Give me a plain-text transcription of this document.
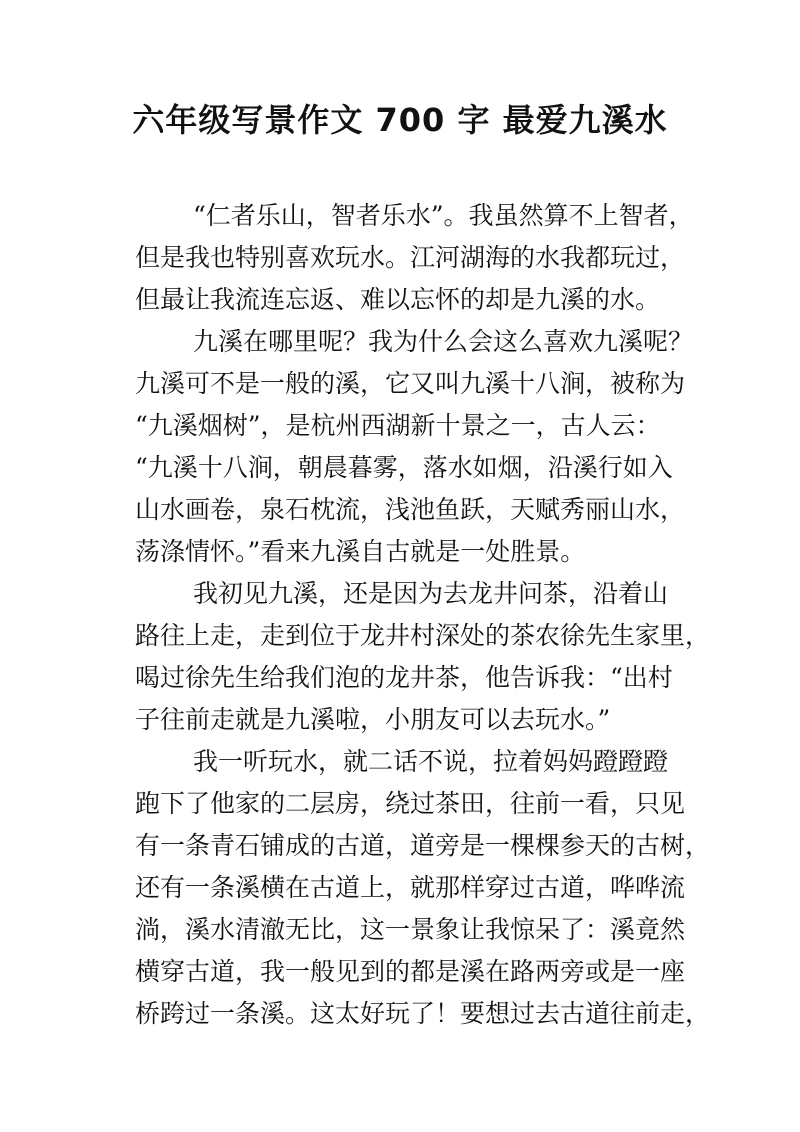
六年级写景作文 700 字 最爱九溪水
“仁者乐山，智者乐水”。我虽然算不上智者，
但是我也特别喜欢玩水。江河湖海的水我都玩过，
但最让我流连忘返、难以忘怀的却是九溪的水。
九溪在哪里呢？我为什么会这么喜欢九溪呢？
九溪可不是一般的溪，它又叫九溪十八涧，被称为
“九溪烟树”，是杭州西湖新十景之一，古人云：
“九溪十八涧，朝晨暮雾，落水如烟，沿溪行如入
山水画卷，泉石枕流，浅池鱼跃，天赋秀丽山水，
荡涤情怀。”看来九溪自古就是一处胜景。
我初见九溪，还是因为去龙井问茶，沿着山
路往上走，走到位于龙井村深处的茶农徐先生家里，
喝过徐先生给我们泡的龙井茶，他告诉我：“出村
子往前走就是九溪啦，小朋友可以去玩水。”
我一听玩水，就二话不说，拉着妈妈蹬蹬蹬
跑下了他家的二层房，绕过茶田，往前一看，只见
有一条青石铺成的古道，道旁是一棵棵参天的古树，
还有一条溪横在古道上，就那样穿过古道，哗哗流
淌，溪水清澈无比，这一景象让我惊呆了：溪竟然
横穿古道，我一般见到的都是溪在路两旁或是一座
桥跨过一条溪。这太好玩了！要想过去古道往前走，
